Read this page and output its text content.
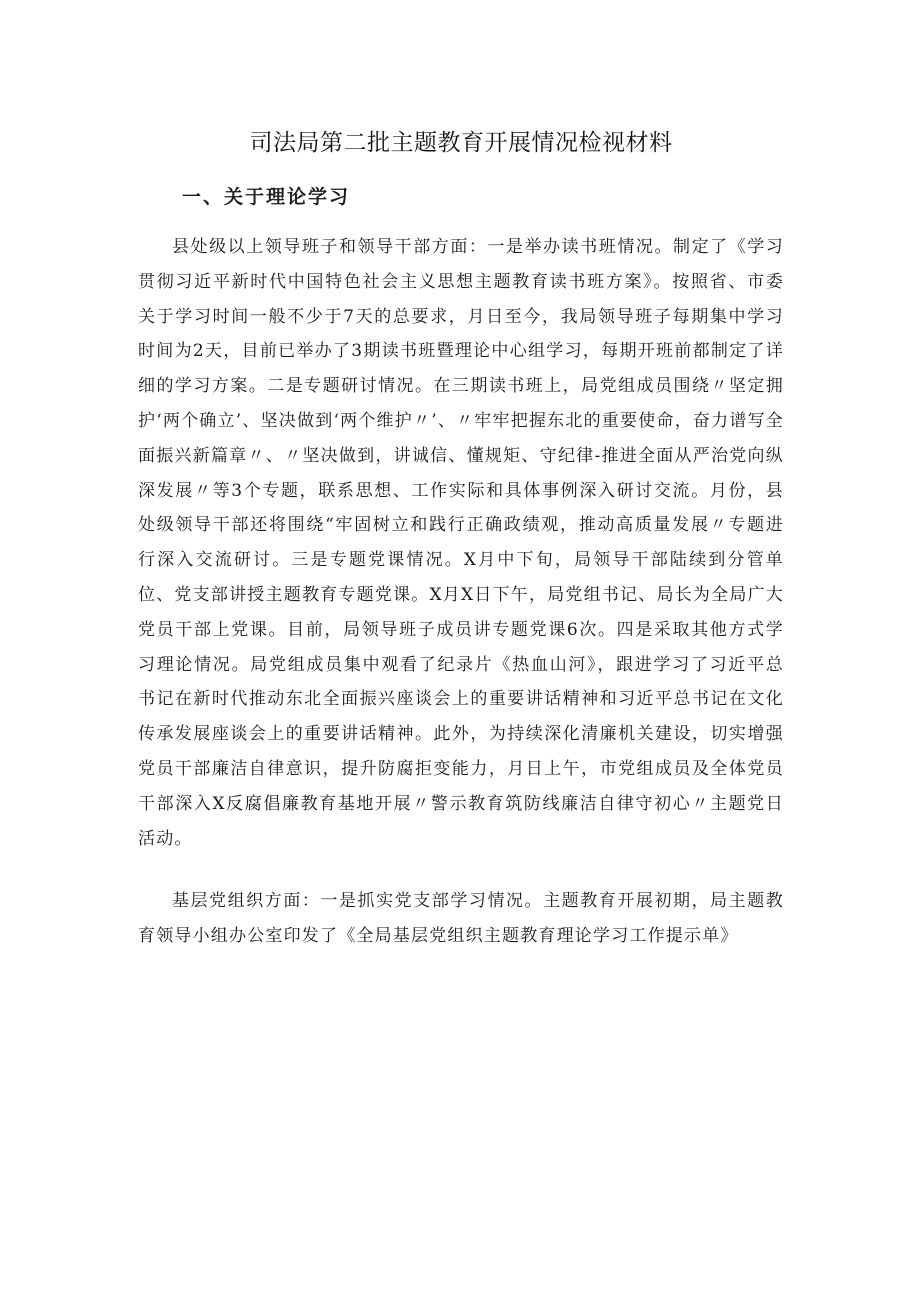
司法局第二批主题教育开展情况检视材料
一、关于理论学习

县处级以上领导班子和领导干部方面：一是举办读书班情况。制定了《学习贯彻习近平新时代中国特色社会主义思想主题教育读书班方案》。按照省、市委关于学习时间一般不少于7天的总要求，月日至今，我局领导班子每期集中学习时间为2天，目前已举办了3期读书班暨理论中心组学习，每期开班前都制定了详细的学习方案。二是专题研讨情况。在三期读书班上，局党组成员围绕〃坚定拥护‘两个确立’、坚决做到‘两个维护〃’、〃牢牢把握东北的重要使命，奋力谱写全面振兴新篇章〃、〃坚决做到，讲诚信、懂规矩、守纪律-推进全面从严治党向纵深发展〃等3个专题，联系思想、工作实际和具体事例深入研讨交流。月份，县处级领导干部还将围绕“牢固树立和践行正确政绩观，推动高质量发展〃专题进行深入交流研讨。三是专题党课情况。X月中下旬，局领导干部陆续到分管单位、党支部讲授主题教育专题党课。X月X日下午，局党组书记、局长为全局广大党员干部上党课。目前，局领导班子成员讲专题党课6次。四是采取其他方式学习理论情况。局党组成员集中观看了纪录片《热血山河》，跟进学习了习近平总书记在新时代推动东北全面振兴座谈会上的重要讲话精神和习近平总书记在文化传承发展座谈会上的重要讲话精神。此外，为持续深化清廉机关建设，切实增强党员干部廉洁自律意识，提升防腐拒变能力，月日上午，市党组成员及全体党员干部深入X反腐倡廉教育基地开展〃警示教育筑防线廉洁自律守初心〃主题党日活动。

基层党组织方面：一是抓实党支部学习情况。主题教育开展初期，局主题教育领导小组办公室印发了《全局基层党组织主题教育理论学习工作提示单》
